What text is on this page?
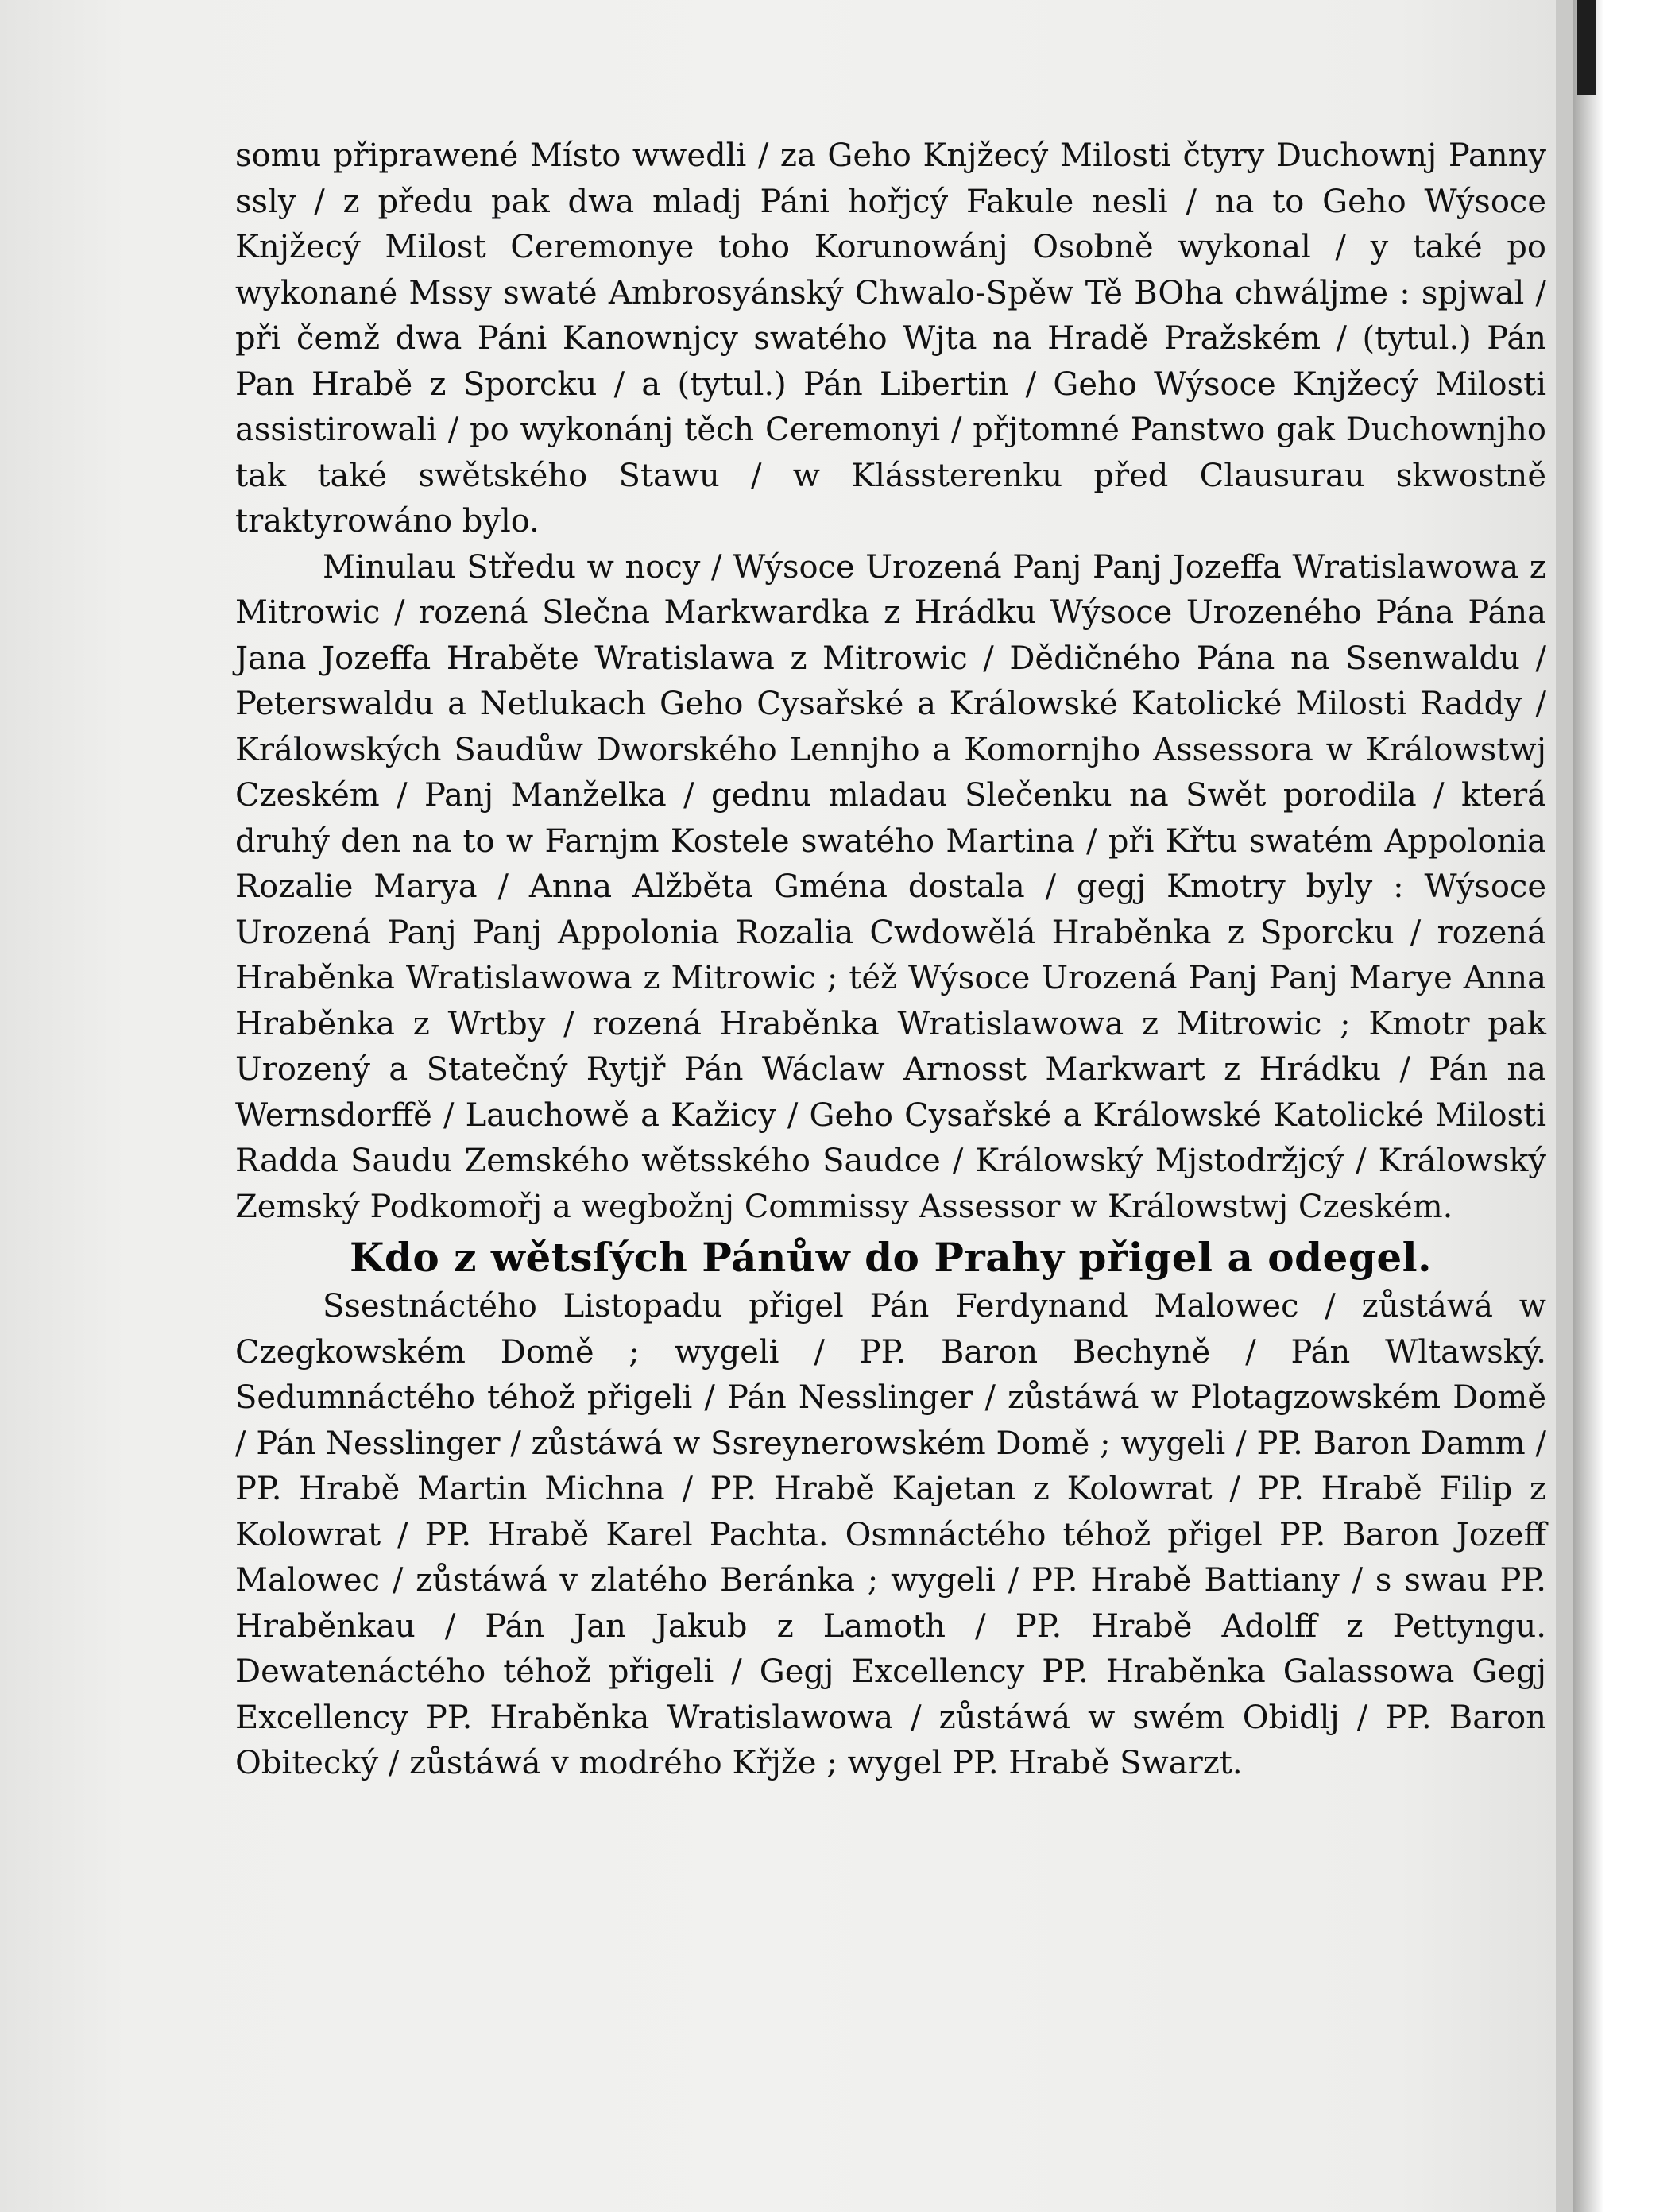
somu připrawené Místo wwedli / za Geho Knjžecý Milosti čtyry Duchownj Panny ssly / z předu pak dwa mladj Páni hořjcý Fakule nesli / na to Geho Wýsoce Knjžecý Milost Ceremonye toho Korunowánj Osobně wykonal / y také po wykonané Mssy swaté Ambrosyánský Chwalo-Spěw Tě BOha chwáljme : spjwal / při čemž dwa Páni Kanownjcy swatého Wjta na Hradě Pražském / (tytul.) Pán Pan Hrabě z Sporcku / a (tytul.) Pán Libertin / Geho Wýsoce Knjžecý Milosti assistirowali / po wykonánj těch Ceremonyi / přjtomné Panstwo gak Duchownjho tak také swětského Stawu / w Klássterenku před Clausurau skwostně traktyrowáno bylo.

Minulau Středu w nocy / Wýsoce Urozená Panj Panj Jozeffa Wratislawowa z Mitrowic / rozená Slečna Markwardka z Hrádku Wýsoce Urozeného Pána Pána Jana Jozeffa Hraběte Wratislawa z Mitrowic / Dědičného Pána na Ssenwaldu / Peterswaldu a Netlukach Geho Cysařské a Králowské Katolické Milosti Raddy / Králowských Saudůw Dworského Lennjho a Komornjho Assessora w Králowstwj Czeském / Panj Manželka / gednu mladau Slečenku na Swět porodila / která druhý den na to w Farnjm Kostele swatého Martina / při Křtu swatém Appolonia Rozalie Marya / Anna Alžběta Gména dostala / gegj Kmotry byly : Wýsoce Urozená Panj Panj Appolonia Rozalia Cwdowělá Hraběnka z Sporcku / rozená Hraběnka Wratislawowa z Mitrowic ; též Wýsoce Urozená Panj Panj Marye Anna Hraběnka z Wrtby / rozená Hraběnka Wratislawowa z Mitrowic ; Kmotr pak Urozený a Statečný Rytjř Pán Wáclaw Arnosst Markwart z Hrádku / Pán na Wernsdorffě / Lauchowě a Kažicy / Geho Cysařské a Králowské Katolické Milosti Radda Saudu Zemského wětsského Saudce / Králowský Mjstodržjcý / Králowský Zemský Podkomořj a wegbožnj Commissy Assessor w Králowstwj Czeském.

Kdo z wětsſých Pánůw do Prahy přigel a odegel.

Ssestnáctého Listopadu přigel Pán Ferdynand Malowec / zůstáwá w Czegkowském Domě ; wygeli / PP. Baron Bechyně / Pán Wltawský. Sedumnáctého téhož přigeli / Pán Nesslinger / zůstáwá w Plotagzowském Domě / Pán Nesslinger / zůstáwá w Ssreynerowském Domě ; wygeli / PP. Baron Damm / PP. Hrabě Martin Michna / PP. Hrabě Kajetan z Kolowrat / PP. Hrabě Filip z Kolowrat / PP. Hrabě Karel Pachta. Osmnáctého téhož přigel PP. Baron Jozeff Malowec / zůstáwá v zlatého Beránka ; wygeli / PP. Hrabě Battiany / s swau PP. Hraběnkau / Pán Jan Jakub z Lamoth / PP. Hrabě Adolff z Pettyngu. Dewatenáctého téhož přigeli / Gegj Excellency PP. Hraběnka Galassowa Gegj Excellency PP. Hraběnka Wratislawowa / zůstáwá w swém Obidlj / PP. Baron Obitecký / zůstáwá v modrého Křjže ; wygel PP. Hrabě Swarzt.
